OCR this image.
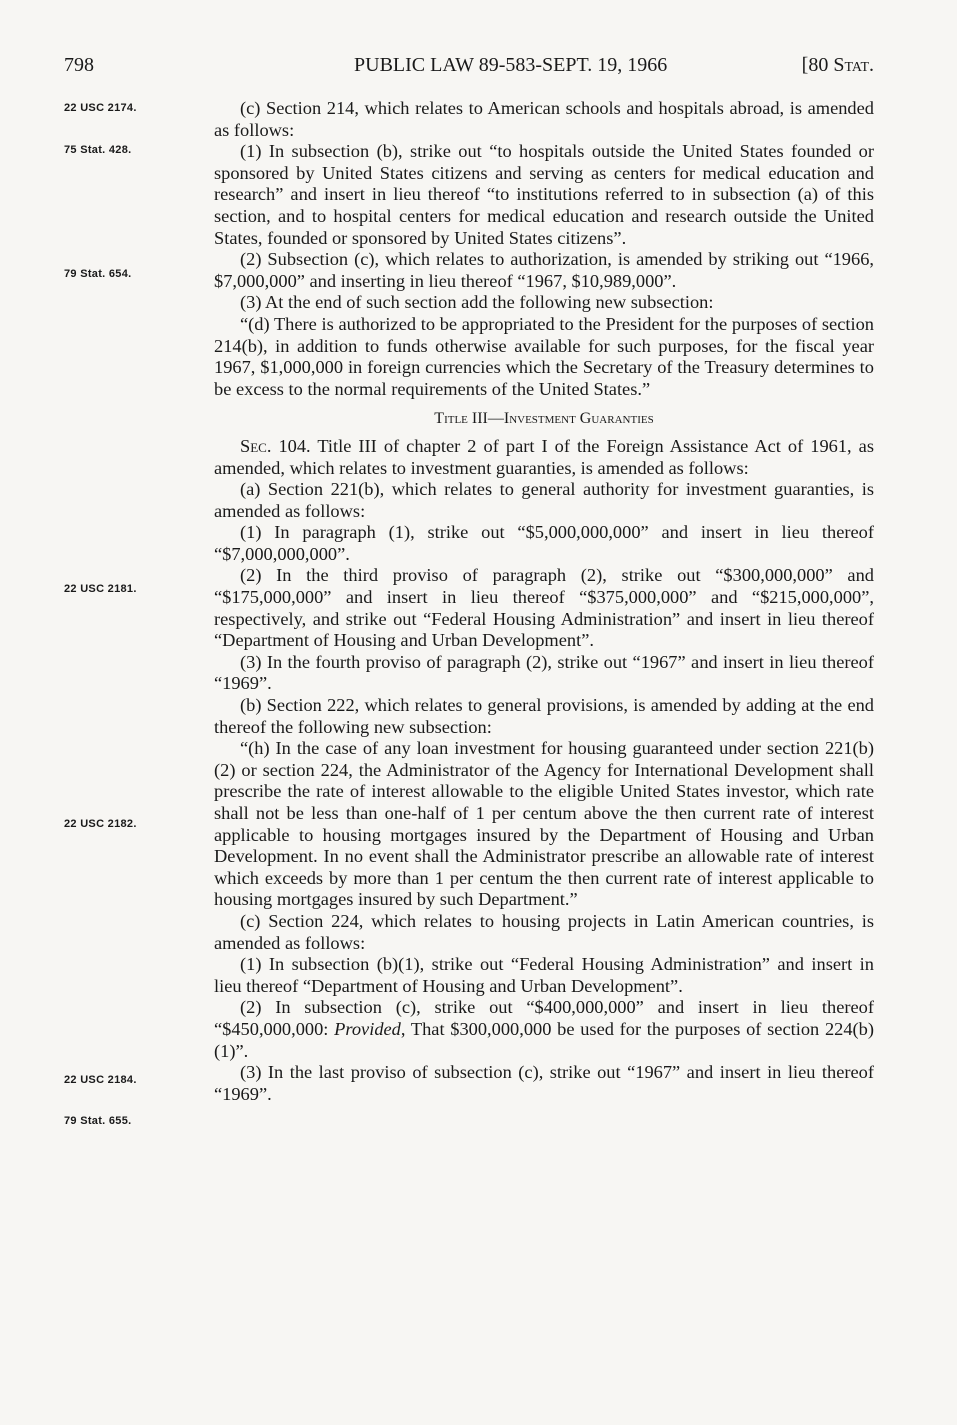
798	PUBLIC LAW 89-583-SEPT. 19, 1966	[80 Stat.
22 USC 2174.
75 Stat. 428.
79 Stat. 654.
22 USC 2181.
22 USC 2182.
22 USC 2184.
79 Stat. 655.

(c) Section 214, which relates to American schools and hospitals abroad, is amended as follows:

(1) In subsection (b), strike out “to hospitals outside the United States founded or sponsored by United States citizens and serving as centers for medical education and research” and insert in lieu thereof “to institutions referred to in subsection (a) of this section, and to hospital centers for medical education and research outside the United States, founded or sponsored by United States citizens”.

(2) Subsection (c), which relates to authorization, is amended by striking out “1966, $7,000,000” and inserting in lieu thereof “1967, $10,989,000”.

(3) At the end of such section add the following new subsection:

“(d) There is authorized to be appropriated to the President for the purposes of section 214(b), in addition to funds otherwise available for such purposes, for the fiscal year 1967, $1,000,000 in foreign currencies which the Secretary of the Treasury determines to be excess to the normal requirements of the United States.”

Title III—Investment Guaranties

Sec. 104. Title III of chapter 2 of part I of the Foreign Assistance Act of 1961, as amended, which relates to investment guaranties, is amended as follows:

(a) Section 221(b), which relates to general authority for investment guaranties, is amended as follows:

(1) In paragraph (1), strike out “$5,000,000,000” and insert in lieu thereof “$7,000,000,000”.

(2) In the third proviso of paragraph (2), strike out “$300,000,000” and “$175,000,000” and insert in lieu thereof “$375,000,000” and “$215,000,000”, respectively, and strike out “Federal Housing Administration” and insert in lieu thereof “Department of Housing and Urban Development”.

(3) In the fourth proviso of paragraph (2), strike out “1967” and insert in lieu thereof “1969”.

(b) Section 222, which relates to general provisions, is amended by adding at the end thereof the following new subsection:

“(h) In the case of any loan investment for housing guaranteed under section 221(b)(2) or section 224, the Administrator of the Agency for International Development shall prescribe the rate of interest allowable to the eligible United States investor, which rate shall not be less than one-half of 1 per centum above the then current rate of interest applicable to housing mortgages insured by the Department of Housing and Urban Development. In no event shall the Administrator prescribe an allowable rate of interest which exceeds by more than 1 per centum the then current rate of interest applicable to housing mortgages insured by such Department.”

(c) Section 224, which relates to housing projects in Latin American countries, is amended as follows:

(1) In subsection (b)(1), strike out “Federal Housing Administration” and insert in lieu thereof “Department of Housing and Urban Development”.

(2) In subsection (c), strike out “$400,000,000” and insert in lieu thereof “$450,000,000: Provided, That $300,000,000 be used for the purposes of section 224(b)(1)”.

(3) In the last proviso of subsection (c), strike out “1967” and insert in lieu thereof “1969”.
